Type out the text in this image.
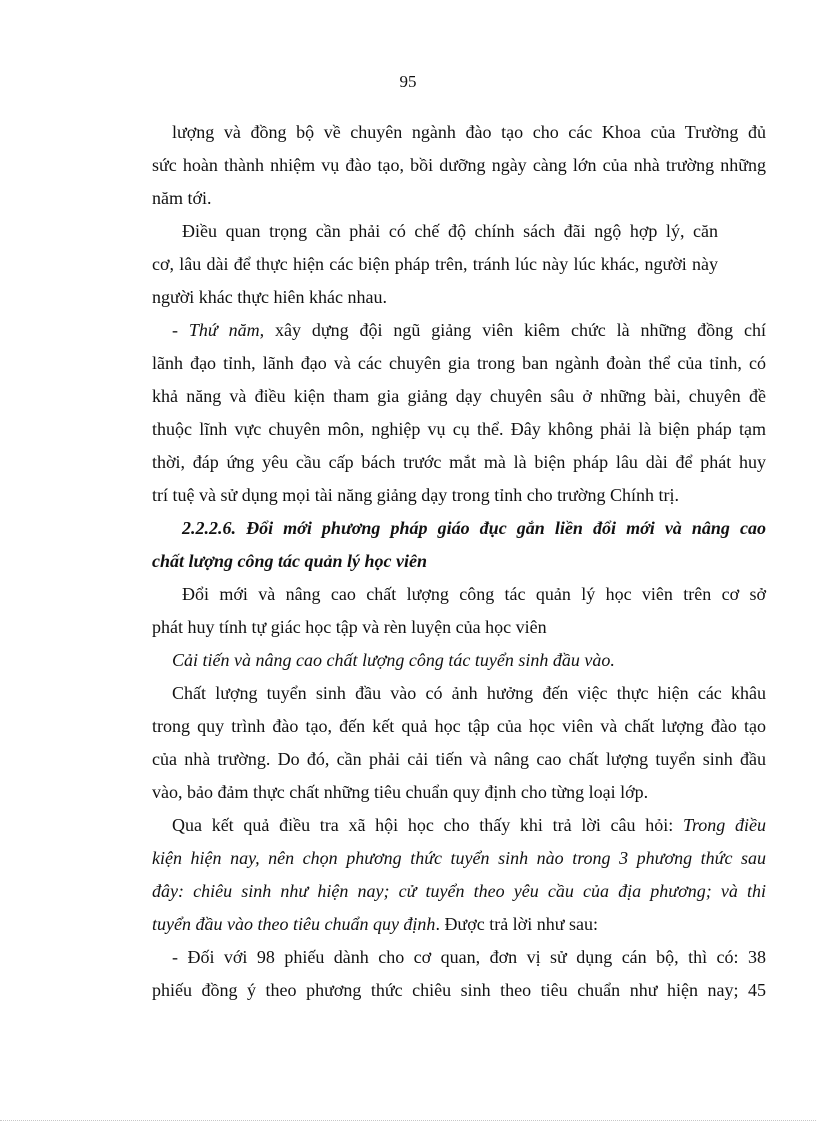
95
lượng và đồng bộ về chuyên ngành đào tạo cho các Khoa của Trường đủ
sức hoàn thành nhiệm vụ đào tạo, bồi dưỡng ngày càng lớn của nhà trường những
năm tới.
Điều quan trọng cần phải có chế độ chính sách đãi ngộ hợp lý, căn
cơ, lâu dài để thực hiện các biện pháp trên, tránh lúc này lúc khác, người này
người khác thực hiên khác nhau.
- Thứ năm, xây dựng đội ngũ giảng viên kiêm chức là những đồng chí
lãnh đạo tỉnh, lãnh đạo và các chuyên gia trong ban ngành đoàn thể của tỉnh, có
khả năng và điều kiện tham gia giảng dạy chuyên sâu ở những bài, chuyên đề
thuộc lĩnh vực chuyên môn, nghiệp vụ cụ thể. Đây không phải là biện pháp tạm
thời, đáp ứng yêu cầu cấp bách trước mắt mà là biện pháp lâu dài để phát huy
trí tuệ và sử dụng mọi tài năng giảng dạy trong tỉnh cho trường Chính trị.
2.2.2.6. Đổi mới phương pháp giáo đục gắn liền đổi mới và nâng cao
chất lượng công tác quản lý học viên
Đổi mới và nâng cao chất lượng công tác quản lý học viên trên cơ sở
phát huy tính tự giác học tập và rèn luyện của học viên
Cải tiến và nâng cao chất lượng công tác tuyển sinh đầu vào.
Chất lượng tuyển sinh đầu vào có ảnh hưởng đến việc thực hiện các khâu
trong quy trình đào tạo, đến kết quả học tập của học viên và chất lượng đào tạo
của nhà trường. Do đó, cần phải cải tiến và nâng cao chất lượng tuyển sinh đầu
vào, bảo đảm thực chất những tiêu chuẩn quy định cho từng loại lớp.
Qua kết quả điều tra xã hội học cho thấy khi trả lời câu hỏi: Trong điều
kiện hiện nay, nên chọn phương thức tuyển sinh nào trong 3 phương thức sau
đây: chiêu sinh như hiện nay; cử tuyển theo yêu cầu của địa phương; và thi
tuyển đầu vào theo tiêu chuẩn quy định. Được trả lời như sau:
- Đối với 98 phiếu dành cho cơ quan, đơn vị sử dụng cán bộ, thì có: 38
phiếu đồng ý theo phương thức chiêu sinh theo tiêu chuẩn như hiện nay; 45
